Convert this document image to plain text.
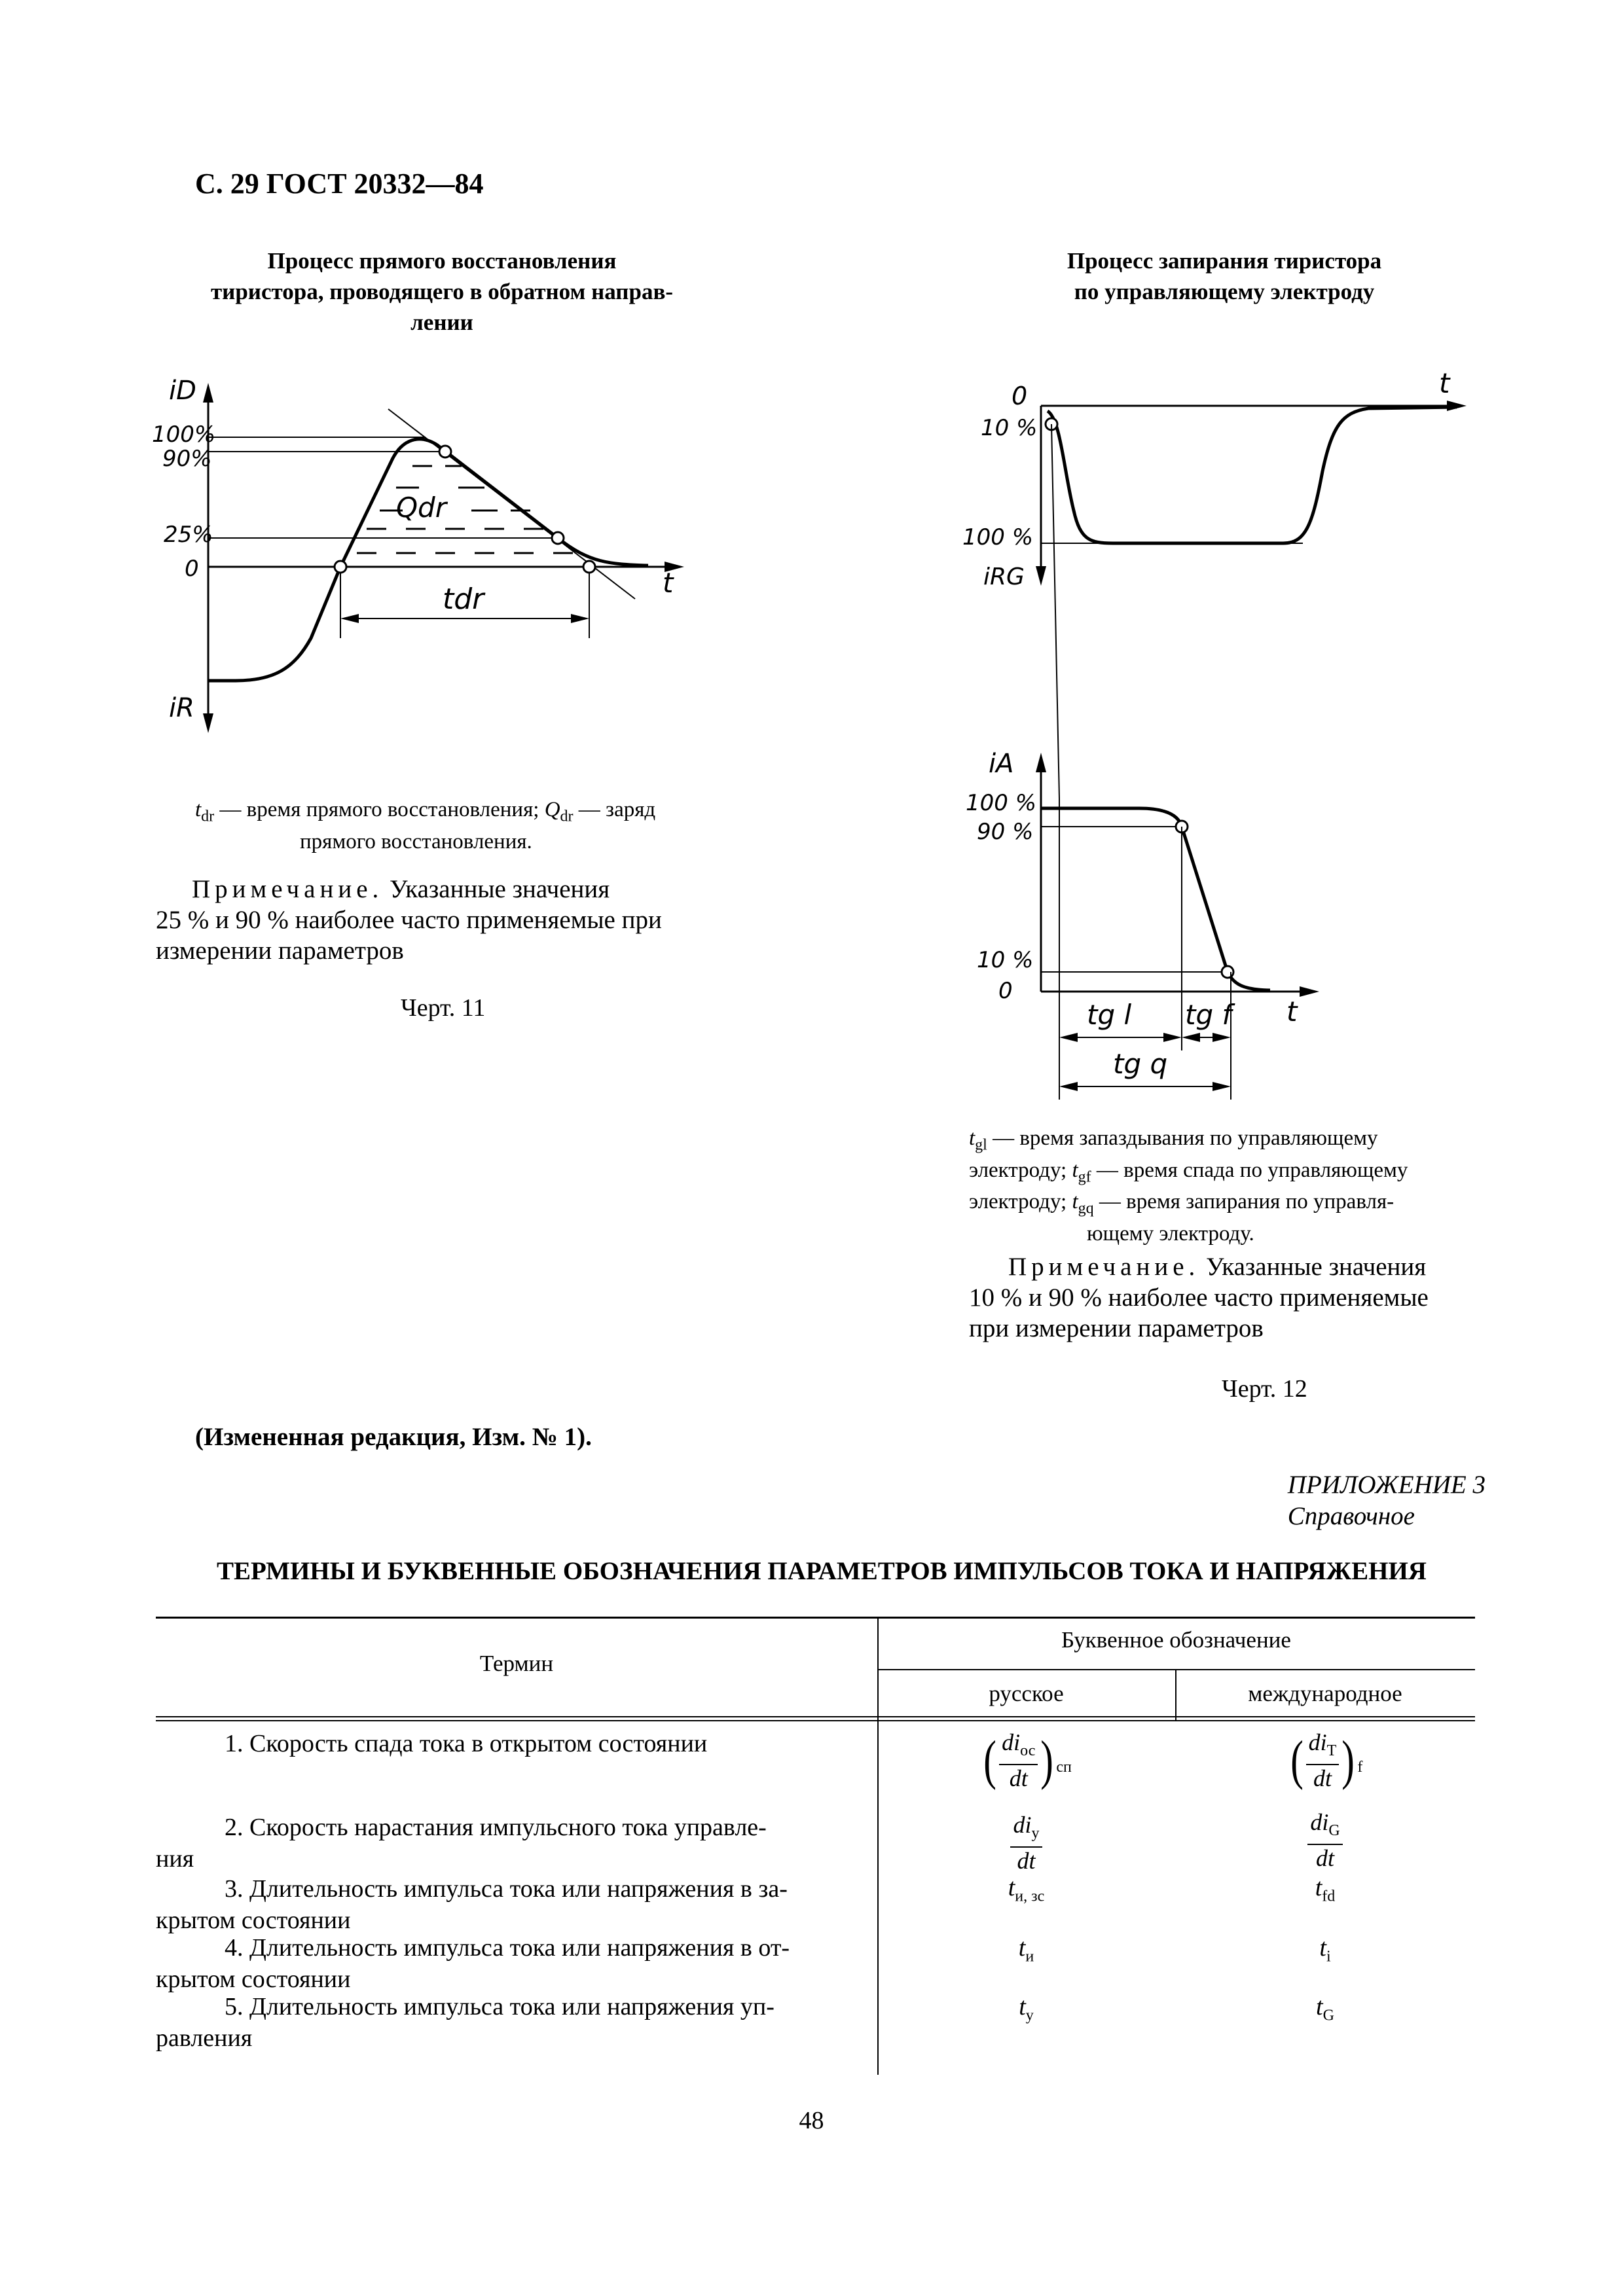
С. 29 ГОСТ 20332—84
Процесс прямого восстановления
тиристора, проводящего в обратном направ-
лении
iD
100%
90%
25%
0	t
tdr
Qdr
iR
$t_{dr}$ — время прямого восстановления; $Q_{dr}$ — заряд
прямого восстановления.
Примечание. Указанные значения
25 % и 90 % наиболее часто применяемые при
измерении параметров
Черт. 11
Процесс запирания тиристора
по управляющему электроду
0
10 %
t
100 %
iRG
iA
100 %
90 %
10 %
0
t
tg l tg f
tg q
$t_{gl}$ — время запаздывания по управляющему
электроду; $t_{gf}$ — время спада по управляющему
электроду; $t_{gq}$ — время запирания по управля-
ющему электроду.
Примечание. Указанные значения
10 % и 90 % наиболее часто применяемые
при измерении параметров
Черт. 12
(Измененная редакция, Изм. № 1).
ПРИЛОЖЕНИЕ 3
Справочное
ТЕРМИНЫ И БУКВЕННЫЕ ОБОЗНАЧЕНИЯ ПАРАМЕТРОВ ИМПУЛЬСОВ ТОКА И НАПРЯЖЕНИЯ
Термин
Буквенное обозначение
русское	международное
1. Скорость спада тока в открытом состоянии	( $\frac{di_{ос}}{dt}$ ) $_{сп}$	( $\frac{di_T}{dt}$ ) $_f$
2. Скорость нарастания импульсного тока управле-
ния	$\frac{di_у}{dt}$	$\frac{di_G}{dt}$
3. Длительность импульса тока или напряжения в за-
крытом состоянии
$t_{и, зс}$	$t_{fd}$
4. Длительность импульса тока или напряжения в от-
крытом состоянии
$t_и$	$t_i$
5. Длительность импульса тока или напряжения уп-
равления
$t_у$	$t_G$
48
